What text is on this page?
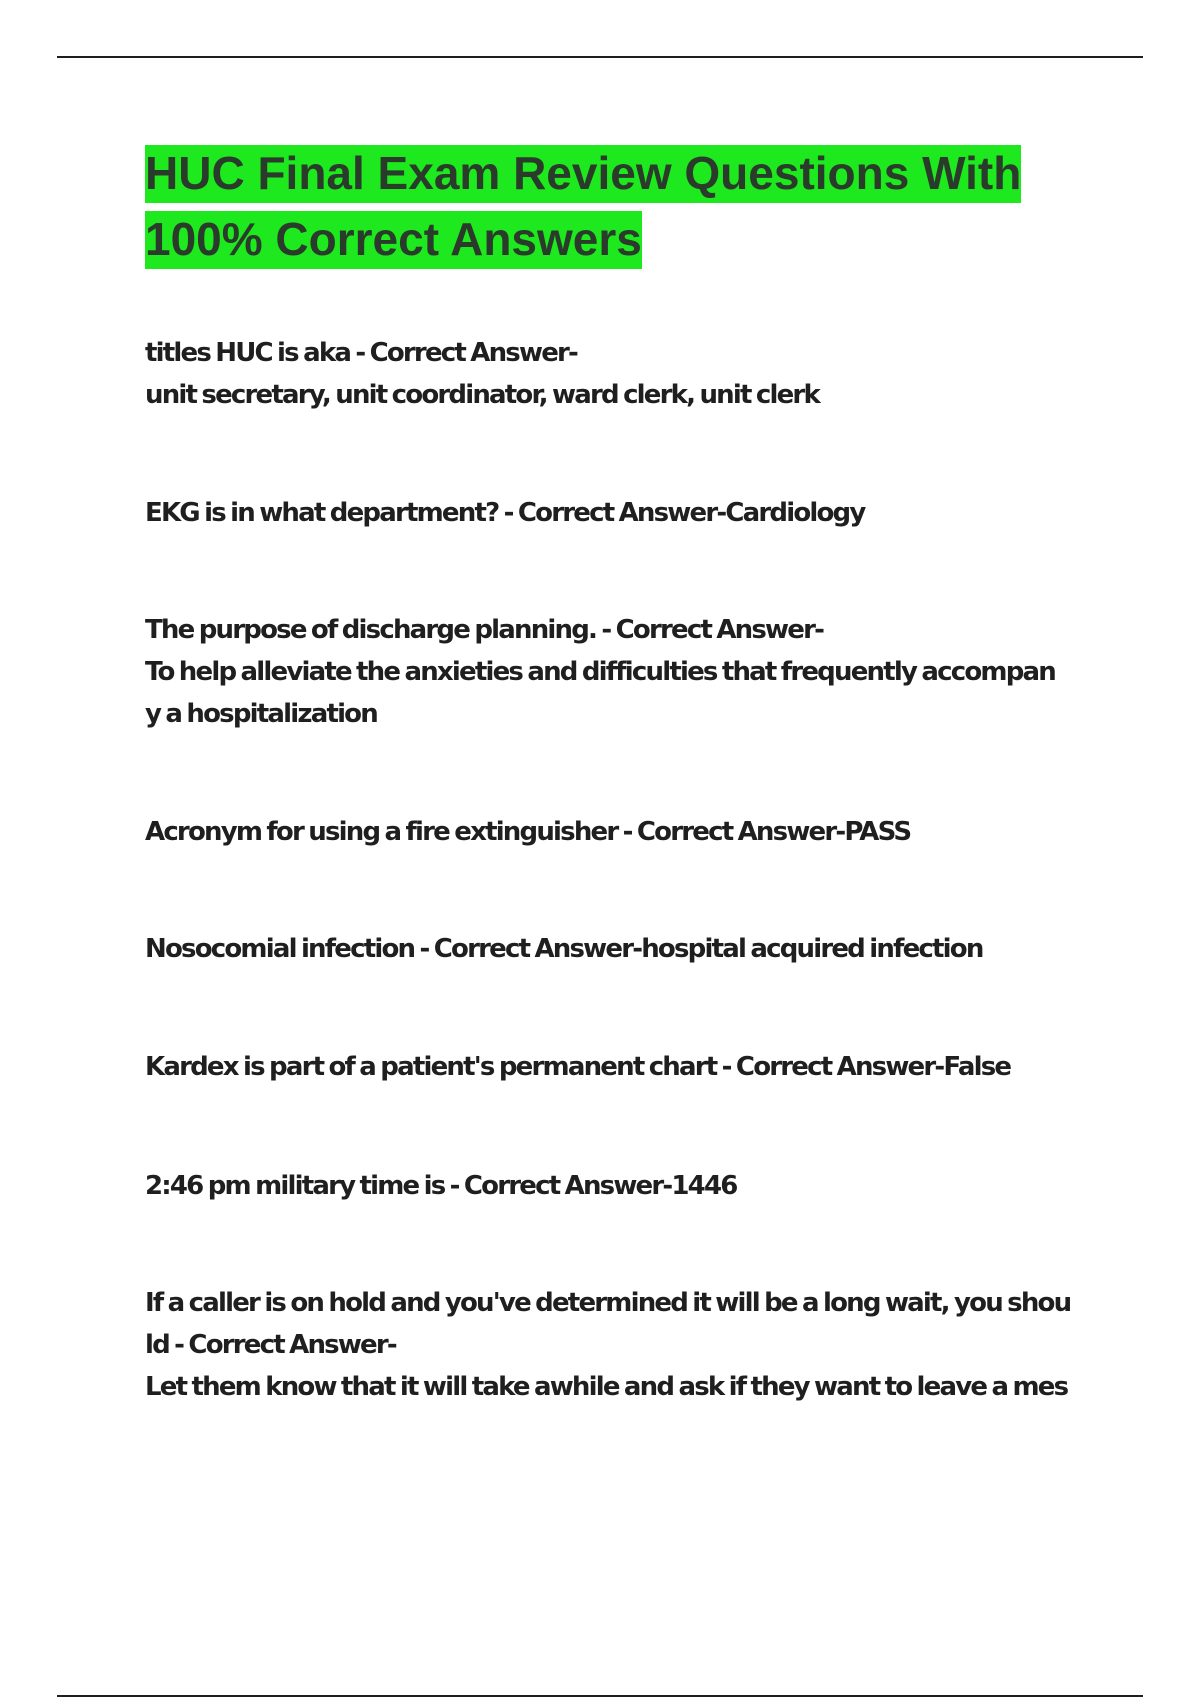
HUC Final Exam Review Questions With
100% Correct Answers
titles HUC is aka - Correct Answer-
unit secretary, unit coordinator, ward clerk, unit clerk
EKG is in what department? - Correct Answer-Cardiology
The purpose of discharge planning. - Correct Answer-
To help alleviate the anxieties and difficulties that frequently accompan
y a hospitalization
Acronym for using a fire extinguisher - Correct Answer-PASS
Nosocomial infection - Correct Answer-hospital acquired infection
Kardex is part of a patient's permanent chart - Correct Answer-False
2:46 pm military time is - Correct Answer-1446
If a caller is on hold and you've determined it will be a long wait, you shou
ld - Correct Answer-
Let them know that it will take awhile and ask if they want to leave a mes
